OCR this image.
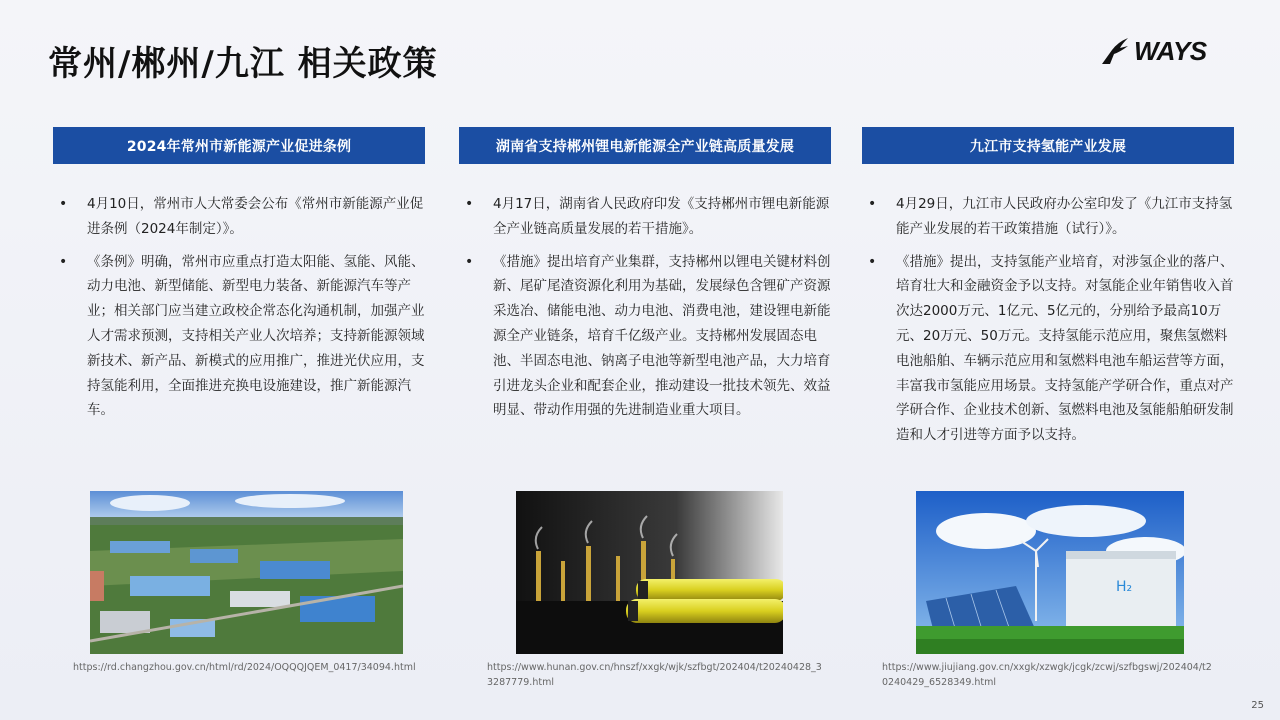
常州/郴州/九江 相关政策	WAYS
2024年常州市新能源产业促进条例
• 4月10日，常州市人大常委会公布《常州市新能源产业促进条例（2024年制定）》。
• 《条例》明确，常州市应重点打造太阳能、氢能、风能、动力电池、新型储能、新型电力装备、新能源汽车等产业；相关部门应当建立政校企常态化沟通机制，加强产业人才需求预测，支持相关产业人次培养；支持新能源领域新技术、新产品、新模式的应用推广，推进光伏应用，支持氢能利用，全面推进充换电设施建设，推广新能源汽车。
湖南省支持郴州锂电新能源全产业链高质量发展
• 4月17日，湖南省人民政府印发《支持郴州市锂电新能源全产业链高质量发展的若干措施》。
• 《措施》提出培育产业集群，支持郴州以锂电关键材料创新、尾矿尾渣资源化利用为基础，发展绿色含锂矿产资源采选冶、储能电池、动力电池、消费电池，建设锂电新能源全产业链条，培育千亿级产业。支持郴州发展固态电池、半固态电池、钠离子电池等新型电池产品，大力培育引进龙头企业和配套企业，推动建设一批技术领先、效益明显、带动作用强的先进制造业重大项目。
九江市支持氢能产业发展
• 4月29日，九江市人民政府办公室印发了《九江市支持氢能产业发展的若干政策措施（试行）》。
• 《措施》提出，支持氢能产业培育，对涉氢企业的落户、培育壮大和金融资金予以支持。对氢能企业年销售收入首次达2000万元、1亿元、5亿元的，分别给予最高10万元、20万元、50万元。支持氢能示范应用，聚焦氢燃料电池船舶、车辆示范应用和氢燃料电池车船运营等方面，丰富我市氢能应用场景。支持氢能产学研合作，重点对产学研合作、企业技术创新、氢燃料电池及氢能船舶研发制造和人才引进等方面予以支持。
H₂
https://rd.changzhou.gov.cn/html/rd/2024/OQQQJQEM_0417/34094.html	https://www.hunan.gov.cn/hnszf/xxgk/wjk/szfbgt/202404/t20240428_33287779.html
https://www.jiujiang.gov.cn/xxgk/xzwgk/jcgk/zcwj/szfbgswj/202404/t20240429_6528349.html
25
